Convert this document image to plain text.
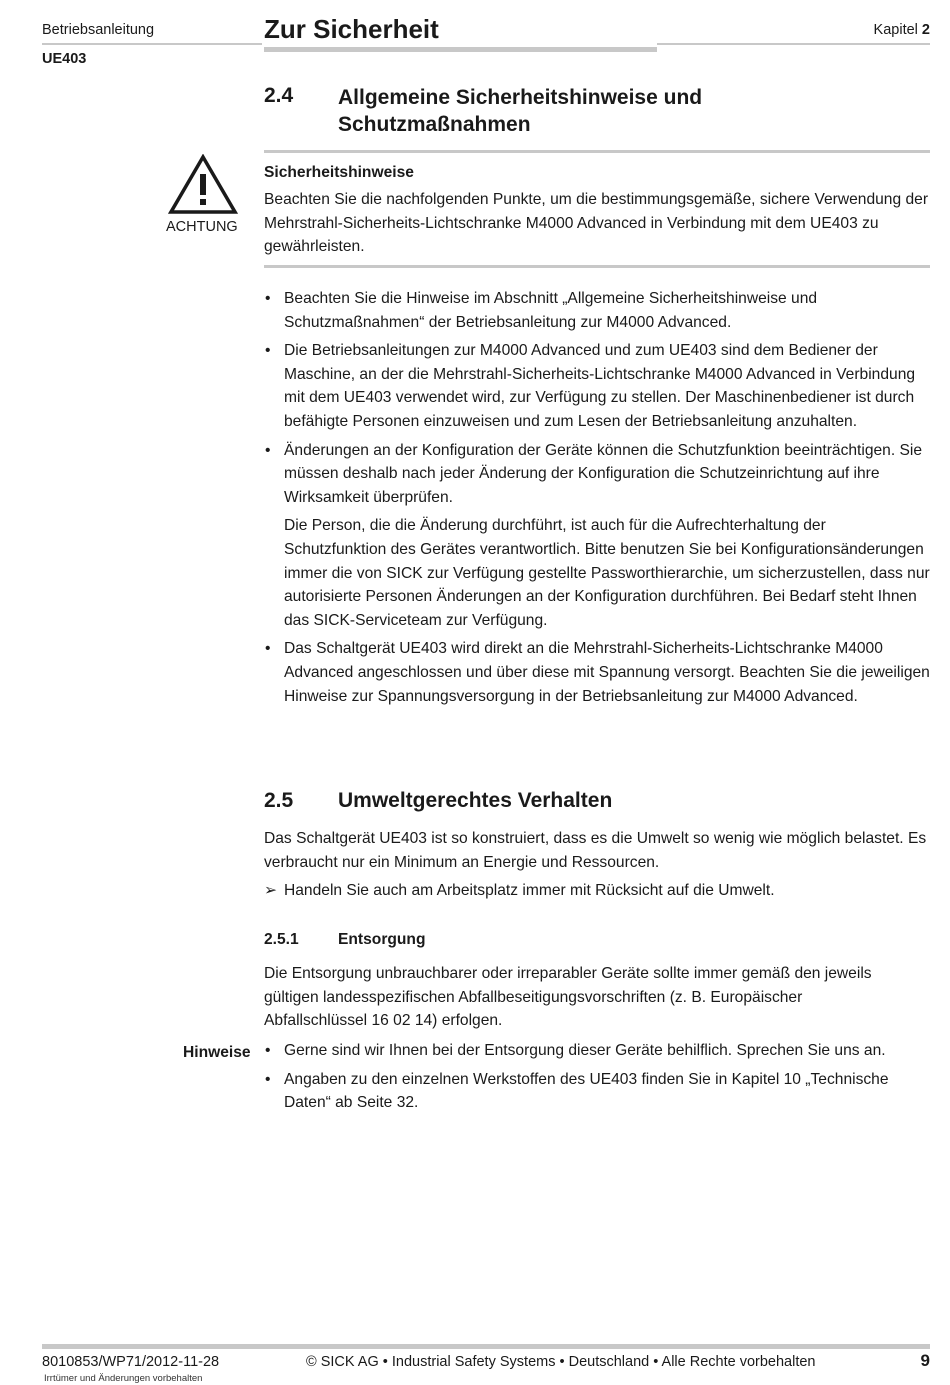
Betriebsanleitung
UE403
Zur Sicherheit	Kapitel 2
2.4 Allgemeine Sicherheitshinweise und
Schutzmaßnahmen
ACHTUNG
Sicherheitshinweise
Beachten Sie die nachfolgenden Punkte, um die bestimmungsgemäße, sichere Verwendung der Mehrstrahl-Sicherheits-Lichtschranke M4000 Advanced in Verbindung mit dem UE403 zu gewährleisten.
• Beachten Sie die Hinweise im Abschnitt „Allgemeine Sicherheitshinweise und Schutzmaßnahmen“ der Betriebsanleitung zur M4000 Advanced.
• Die Betriebsanleitungen zur M4000 Advanced und zum UE403 sind dem Bediener der Maschine, an der die Mehrstrahl-Sicherheits-Lichtschranke M4000 Advanced in Verbindung mit dem UE403 verwendet wird, zur Verfügung zu stellen. Der Maschinenbediener ist durch befähigte Personen einzuweisen und zum Lesen der Betriebsanleitung anzuhalten.
• Änderungen an der Konfiguration der Geräte können die Schutzfunktion beeinträchtigen. Sie müssen deshalb nach jeder Änderung der Konfiguration die Schutzeinrichtung auf ihre Wirksamkeit überprüfen.
Die Person, die die Änderung durchführt, ist auch für die Aufrechterhaltung der Schutzfunktion des Gerätes verantwortlich. Bitte benutzen Sie bei Konfigurationsänderungen immer die von SICK zur Verfügung gestellte Passworthierarchie, um sicherzustellen, dass nur autorisierte Personen Änderungen an der Konfiguration durchführen. Bei Bedarf steht Ihnen das SICK-Serviceteam zur Verfügung.
• Das Schaltgerät UE403 wird direkt an die Mehrstrahl-Sicherheits-Lichtschranke M4000 Advanced angeschlossen und über diese mit Spannung versorgt. Beachten Sie die jeweiligen Hinweise zur Spannungsversorgung in der Betriebsanleitung zur M4000 Advanced.
2.5 Umweltgerechtes Verhalten
Das Schaltgerät UE403 ist so konstruiert, dass es die Umwelt so wenig wie möglich belastet. Es verbraucht nur ein Minimum an Energie und Ressourcen.
➢ Handeln Sie auch am Arbeitsplatz immer mit Rücksicht auf die Umwelt.
2.5.1	Entsorgung
Die Entsorgung unbrauchbarer oder irreparabler Geräte sollte immer gemäß den jeweils gültigen landesspezifischen Abfallbeseitigungsvorschriften (z. B. Europäischer Abfallschlüssel 16 02 14) erfolgen.
Hinweise
•	Gerne sind wir Ihnen bei der Entsorgung dieser Geräte behilflich. Sprechen Sie uns an.
• Angaben zu den einzelnen Werkstoffen des UE403 finden Sie in Kapitel 10 „Technische Daten“ ab Seite 32.
8010853/WP71/2012-11-28
Irrtümer und Änderungen vorbehalten
© SICK AG • Industrial Safety Systems • Deutschland • Alle Rechte vorbehalten	9
